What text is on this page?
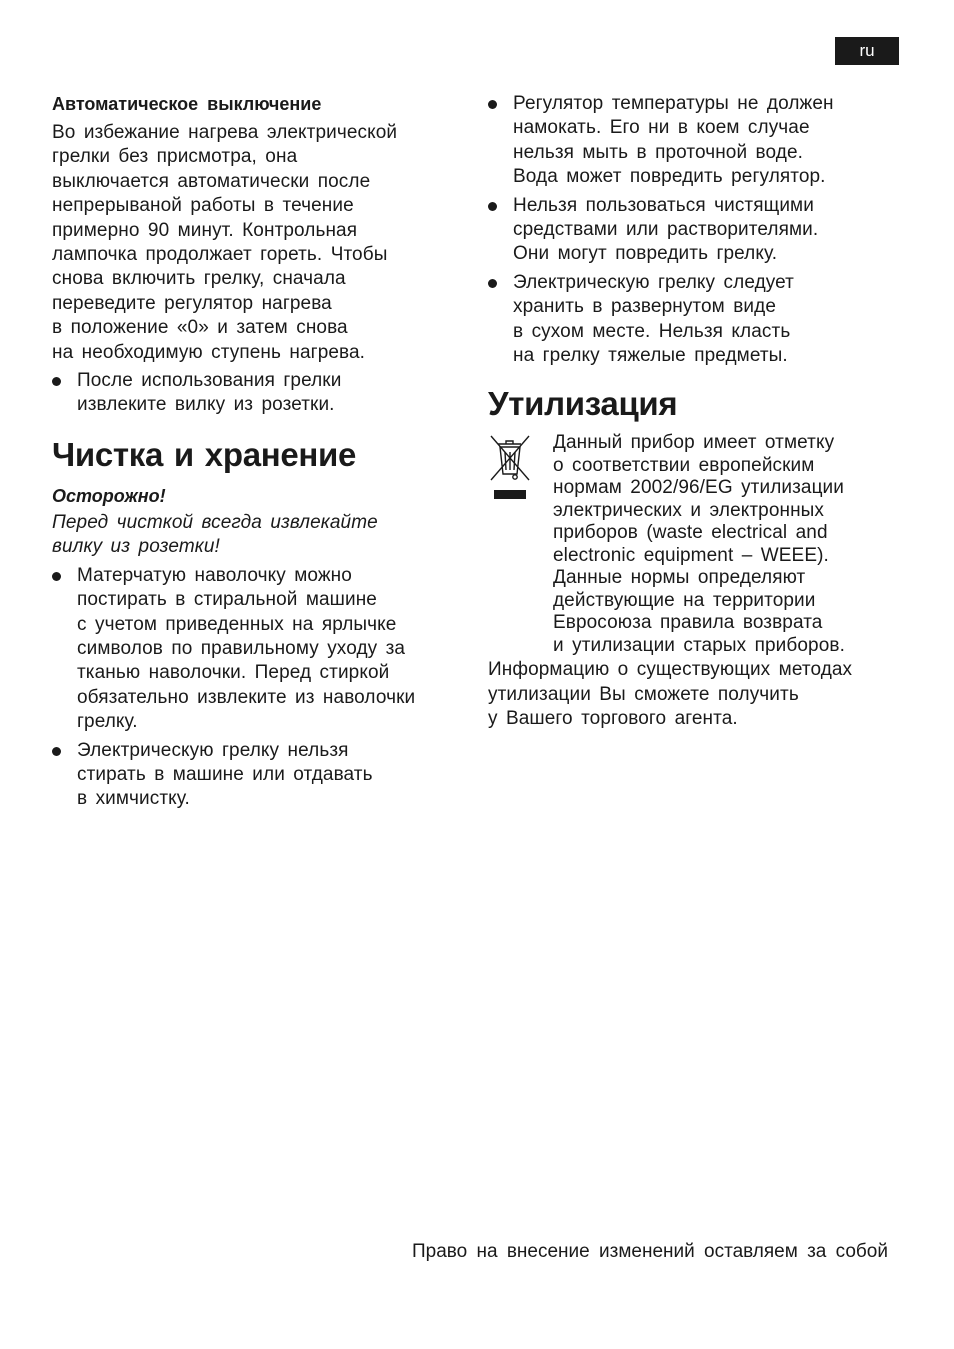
ru
Автоматическое выключение
Во избежание нагрева электрической
грелки без присмотра, она
выключается автоматически после
непрерываной работы в течение
примерно 90 минут. Контрольная
лампочка продолжает гореть. Чтобы
снова включить грелку, сначала
переведите регулятор нагрева
в положение «0» и затем снова
на необходимую ступень нагрева.
После использования грелки
извлеките вилку из розетки.
Чистка и хранение
Осторожно!
Перед чисткой всегда извлекайте
вилку из розетки!
Матерчатую наволочку можно
постирать в стиральной машине
с учетом приведенных на ярлычке
символов по правильному уходу за
тканью наволочки. Перед стиркой
обязательно извлеките из наволочки
грелку.
Электрическую грелку нельзя
стирать в машине или отдавать
в химчистку.
Регулятор температуры не должен
намокать. Его ни в коем случае
нельзя мыть в проточной воде.
Вода может повредить регулятор.
Нельзя пользоваться чистящими
средствами или растворителями.
Они могут повредить грелку.
Электрическую грелку следует
хранить в развернутом виде
в сухом месте. Нельзя класть
на грелку тяжелые предметы.
Утилизация
Данный прибор имеет отметку
о соответствии европейским
нормам 2002/96/EG утилизации
электрических и электронных
приборов (waste electrical and
electronic equipment – WEEE).
Данные нормы определяют
действующие на территории
Евросоюза правила возврата
и утилизации старых приборов.
Информацию о существующих методах
утилизации Вы сможете получить
у Вашего торгового агента.
Право на внесение изменений оставляем за собой
